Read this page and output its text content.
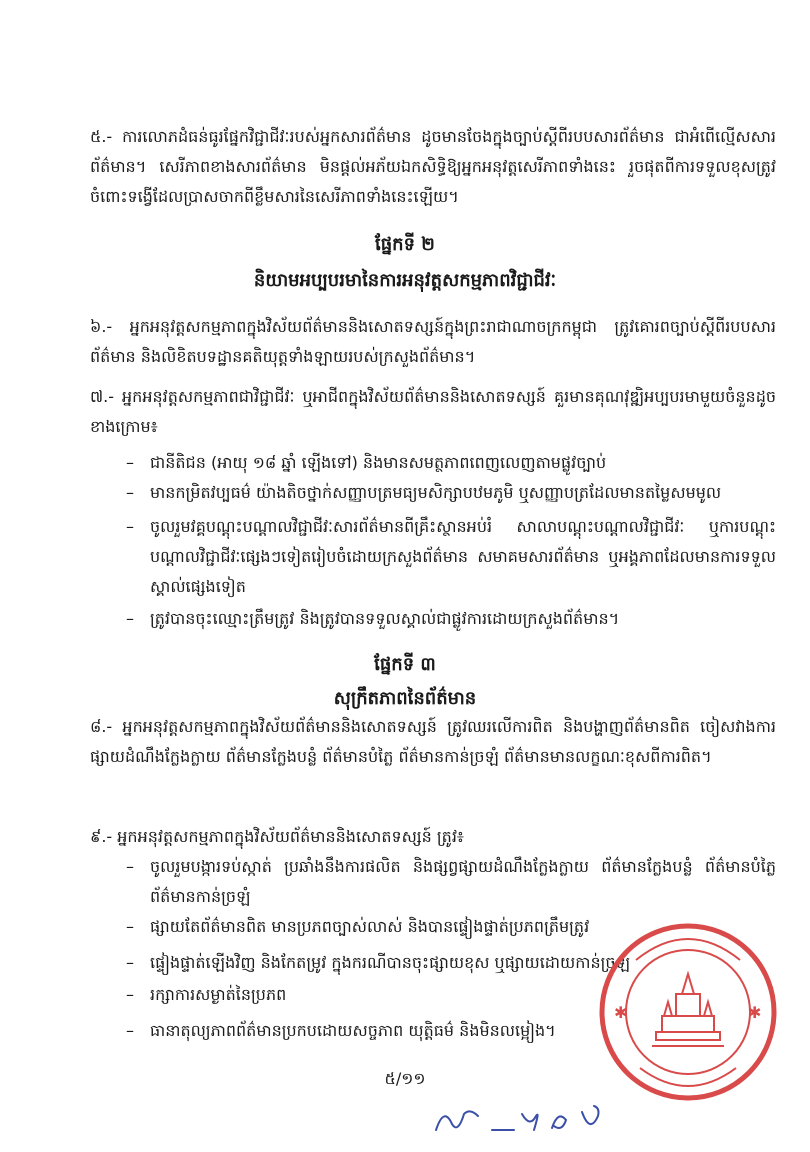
៥.- ការលោភដំធន់ធូរផ្នែកវិជ្ជាជីវៈរបស់អ្នកសារព័ត៌មាន ដូចមានចែងក្នុងច្បាប់ស្តីពីរបបសារព័ត៌មាន ជាអំពើល្មើសសារព័ត៌មាន។ សេរីភាពខាងសារព័ត៌មាន មិនផ្តល់អភ័យឯកសិទ្ធិឱ្យអ្នកអនុវត្តសេរីភាពទាំងនេះ រួចផុតពីការទទួលខុសត្រូវចំពោះទង្វើដែលប្រាសចាកពីខ្លឹមសារនៃសេរីភាពទាំងនេះឡើយ។

ផ្នែកទី ២
និយាមអប្បបរមានៃការអនុវត្តសកម្មភាពវិជ្ជាជីវៈ

៦.- អ្នកអនុវត្តសកម្មភាពក្នុងវិស័យព័ត៌មាននិងសោតទស្សន៍ក្នុងព្រះរាជាណាចក្រកម្ពុជា ត្រូវគោរពច្បាប់ស្តីពីរបបសារព័ត៌មាន និងលិខិតបទដ្ឋានគតិយុត្តទាំងឡាយរបស់ក្រសួងព័ត៌មាន។

៧.- អ្នកអនុវត្តសកម្មភាពជាវិជ្ជាជីវៈ ឬអាជីពក្នុងវិស័យព័ត៌មាននិងសោតទស្សន៍ គួរមានគុណវុឌ្ឍិអប្បបរមាមួយចំនួនដូចខាងក្រោម៖

–	ជានីតិជន (អាយុ ១៨ ឆ្នាំ ឡើងទៅ) និងមានសមត្ថភាពពេញលេញតាមផ្លូវច្បាប់
–	មានកម្រិតវប្បធម៌ យ៉ាងតិចថ្នាក់សញ្ញាបត្រមធ្យមសិក្សាបឋមភូមិ ឬសញ្ញាបត្រដែលមានតម្លៃសមមូល
–	ចូលរួមវគ្គបណ្តុះបណ្តាលវិជ្ជាជីវៈសារព័ត៌មានពីគ្រឹះស្ថានអប់រំ សាលាបណ្តុះបណ្តាលវិជ្ជាជីវៈ ឬការបណ្តុះបណ្តាលវិជ្ជាជីវៈផ្សេងៗទៀតរៀបចំដោយក្រសួងព័ត៌មាន សមាគមសារព័ត៌មាន ឬអង្គភាពដែលមានការទទួលស្គាល់ផ្សេងទៀត
–	ត្រូវបានចុះឈ្មោះត្រឹមត្រូវ និងត្រូវបានទទួលស្គាល់ជាផ្លូវការដោយក្រសួងព័ត៌មាន។
ផ្នែកទី ៣
សុក្រឹតភាពនៃព័ត៌មាន

៨.- អ្នកអនុវត្តសកម្មភាពក្នុងវិស័យព័ត៌មាននិងសោតទស្សន៍ ត្រូវឈរលើការពិត និងបង្ហាញព័ត៌មានពិត ចៀសវាងការផ្សាយដំណឹងក្លែងក្លាយ ព័ត៌មានក្លែងបន្លំ ព័ត៌មានបំភ្លៃ ព័ត៌មានកាន់ច្រឡំ ព័ត៌មានមានលក្ខណៈខុសពីការពិត។

៩.- អ្នកអនុវត្តសកម្មភាពក្នុងវិស័យព័ត៌មាននិងសោតទស្សន៍ ត្រូវ៖

–	ចូលរួមបង្ការទប់ស្កាត់ ប្រឆាំងនឹងការផលិត និងផ្សព្វផ្សាយដំណឹងក្លែងក្លាយ ព័ត៌មានក្លែងបន្លំ ព័ត៌មានបំភ្លៃ ព័ត៌មានកាន់ច្រឡំ
–	ផ្សាយតែព័ត៌មានពិត មានប្រភពច្បាស់លាស់ និងបានផ្ទៀងផ្ទាត់ប្រភពត្រឹមត្រូវ
–	ផ្ទៀងផ្ទាត់ឡើងវិញ និងកែតម្រូវ ក្នុងករណីបានចុះផ្សាយខុស ឬផ្សាយដោយកាន់ច្រឡំ
–	រក្សាការសម្ងាត់នៃប្រភព
–	ធានាតុល្យភាពព័ត៌មានប្រកបដោយសច្ចភាព យុត្តិធម៌ និងមិនលម្អៀង។
៥/១១
✱	✱
